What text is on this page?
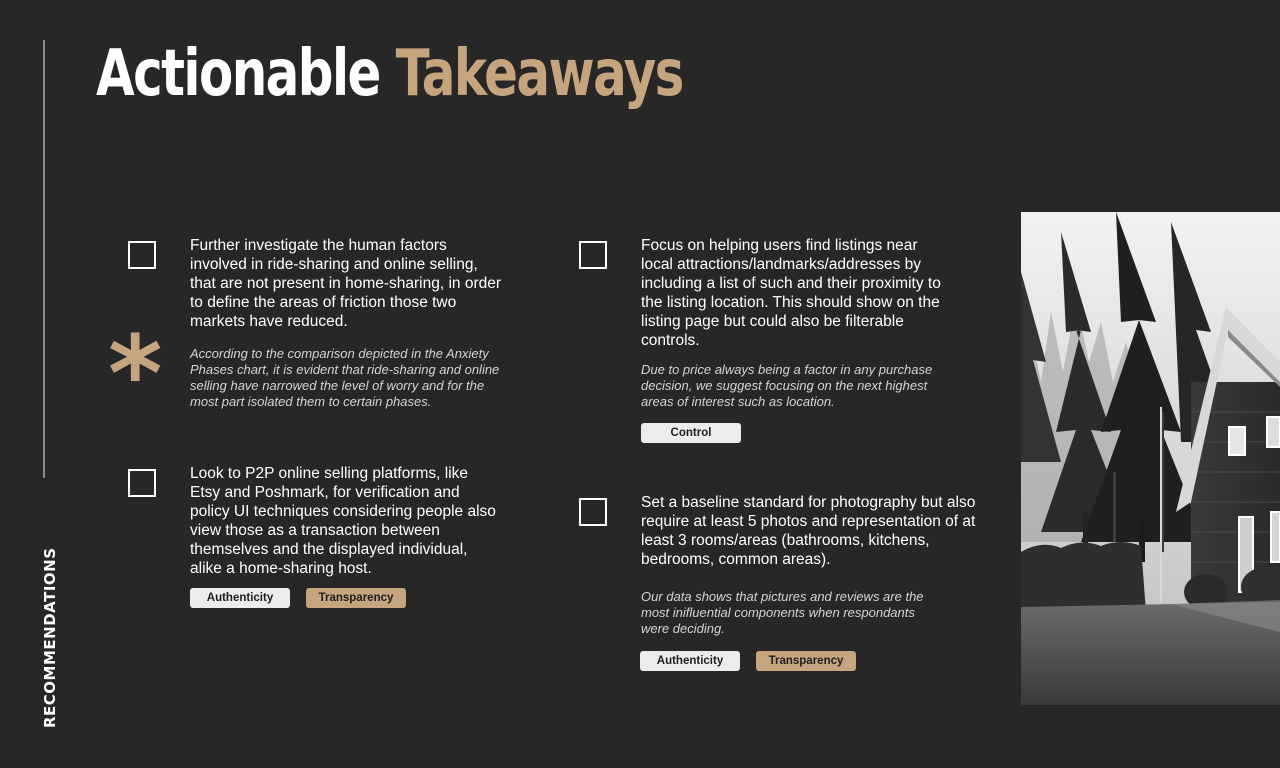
RECOMMENDATIONS
Actionable Takeaways

Further investigate the human factors involved in ride-sharing and online selling, that are not present in home-sharing, in order to define the areas of friction those two markets have reduced.

* According to the comparison depicted in the Anxiety Phases chart, it is evident that ride-sharing and online selling have narrowed the level of worry and for the most part isolated them to certain phases.

Look to P2P online selling platforms, like Etsy and Poshmark, for verification and policy UI techniques considering people also view those as a transaction between themselves and the displayed individual, alike a home-sharing host.

Authenticity	Transparency

Focus on helping users find listings near local attractions/landmarks/addresses by including a list of such and their proximity to the listing location. This should show on the listing page but could also be filterable controls.

Due to price always being a factor in any purchase decision, we suggest focusing on the next highest areas of interest such as location.

Control

Set a baseline standard for photography but also require at least 5 photos and representation of at least 3 rooms/areas (bathrooms, kitchens, bedrooms, common areas).

Our data shows that pictures and reviews are the most inifluential components when respondants were deciding.

Authenticity	Transparency
